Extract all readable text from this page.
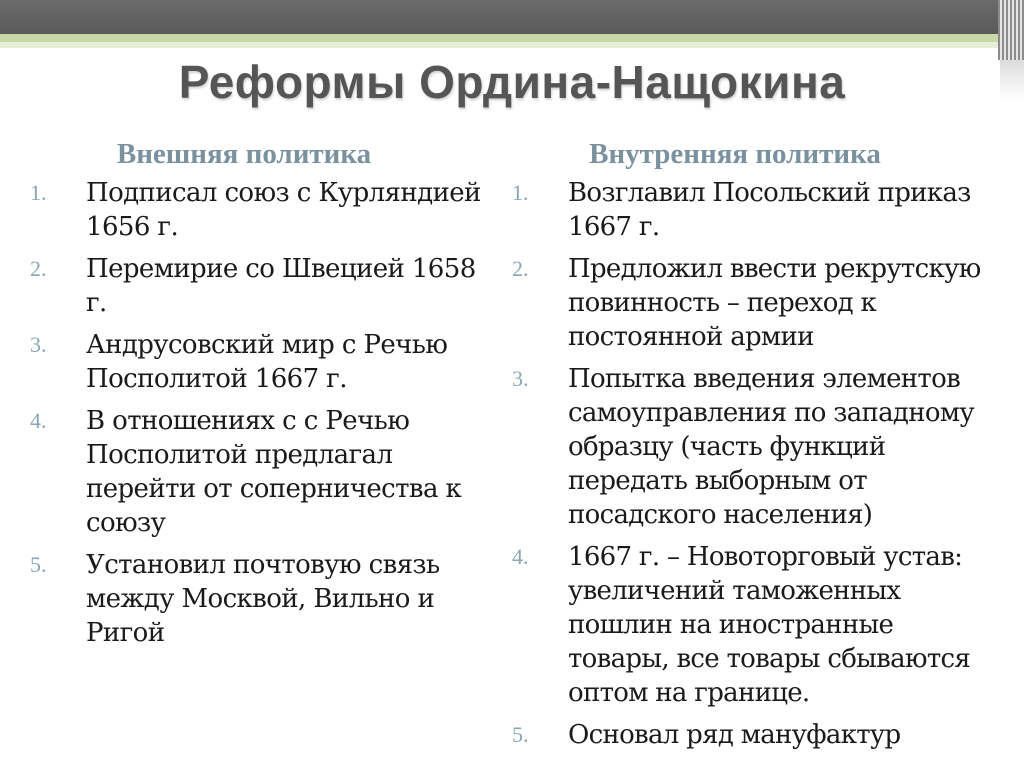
Реформы Ордина-Нащокина
Внешняя политика
1.	Подписал союз с Курляндией 1656 г.
2.	Перемирие со Швецией 1658 г.
3.	Андрусовский мир с Речью Посполитой 1667 г.
4.	В отношениях с с Речью Посполитой предлагал перейти от соперничества к союзу
5.	Установил почтовую связь между Москвой, Вильно и Ригой
Внутренняя политика
1.	Возглавил Посольский приказ 1667 г.
2.	Предложил ввести рекрутскую повинность – переход к постоянной армии
3.	Попытка введения элементов самоуправления по западному образцу (часть функций передать выборным от посадского населения)
4.	1667 г. – Новоторговый устав: увеличений таможенных пошлин на иностранные товары, все товары сбываются оптом на границе.
5.	Основал ряд мануфактур
